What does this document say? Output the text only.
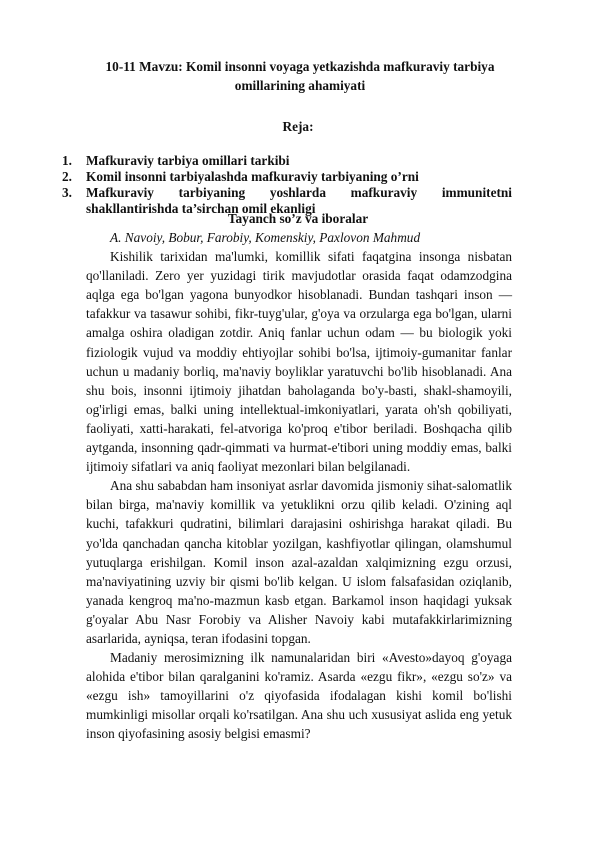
10-11 Mavzu: Komil insonni voyaga yetkazishda mafkuraviy tarbiya omillarining ahamiyati
Reja:
1. Mafkuraviy tarbiya omillari tarkibi
2. Komil insonni tarbiyalashda mafkuraviy tarbiyaning o’rni
3. Mafkuraviy tarbiyaning yoshlarda mafkuraviy immunitetni
shakllantirishda ta’sirchan omil ekanligi
Tayanch so’z va iboralar

A. Navoiy, Bobur, Farobiy, Komenskiy, Paxlovon Mahmud

Kishilik tarixidan ma'lumki, komillik sifati faqatgina insonga nisbatan qo'llaniladi. Zero yer yuzidagi tirik mavjudotlar orasida faqat odamzodgina aqlga ega bo'lgan yagona bunyodkor hisoblanadi. Bundan tashqari inson — tafakkur va tasawur sohibi, fikr-tuyg'ular, g'oya va orzularga ega bo'lgan, ularni amalga oshira oladigan zotdir. Aniq fanlar uchun odam — bu biologik yoki fiziologik vujud va moddiy ehtiyojlar sohibi bo'lsa, ijtimoiy-gumanitar fanlar uchun u madaniy borliq, ma'naviy boyliklar yaratuvchi bo'lib hisoblanadi. Ana shu bois, insonni ijtimoiy jihatdan baholaganda bo'y-basti, shakl-shamoyili, og'irligi emas, balki uning intellektual-imkoniyatlari, yarata oh'sh qobiliyati, faoliyati, xatti-harakati, fel-atvoriga ko'proq e'tibor beriladi. Boshqacha qilib aytganda, insonning qadr-qimmati va hurmat-e'tibori uning moddiy emas, balki ijtimoiy sifatlari va aniq faoliyat mezonlari bilan belgilanadi.

Ana shu sababdan ham insoniyat asrlar davomida jismoniy sihat-salomatlik bilan birga, ma'naviy komillik va yetuklikni orzu qilib keladi. O'zining aql kuchi, tafakkuri qudratini, bilimlari darajasini oshirishga harakat qiladi. Bu yo'lda qanchadan qancha kitoblar yozilgan, kashfiyotlar qilingan, olamshumul yutuqlarga erishilgan. Komil inson azal-azaldan xalqimizning ezgu orzusi, ma'naviyatining uzviy bir qismi bo'lib kelgan. U islom falsafasidan oziqlanib, yanada kengroq ma'no-mazmun kasb etgan. Barkamol inson haqidagi yuksak g'oyalar Abu Nasr Forobiy va Alisher Navoiy kabi mutafakkirlarimizning asarlarida, ayniqsa, teran ifodasini topgan.

Madaniy merosimizning ilk namunalaridan biri «Avesto»dayoq g'oyaga alohida e'tibor bilan qaralganini ko'ramiz. Asarda «ezgu fikr», «ezgu so'z» va «ezgu ish» tamoyillarini o'z qiyofasida ifodalagan kishi komil bo'lishi mumkinligi misollar orqali ko'rsatilgan. Ana shu uch xususiyat aslida eng yetuk inson qiyofasining asosiy belgisi emasmi?
